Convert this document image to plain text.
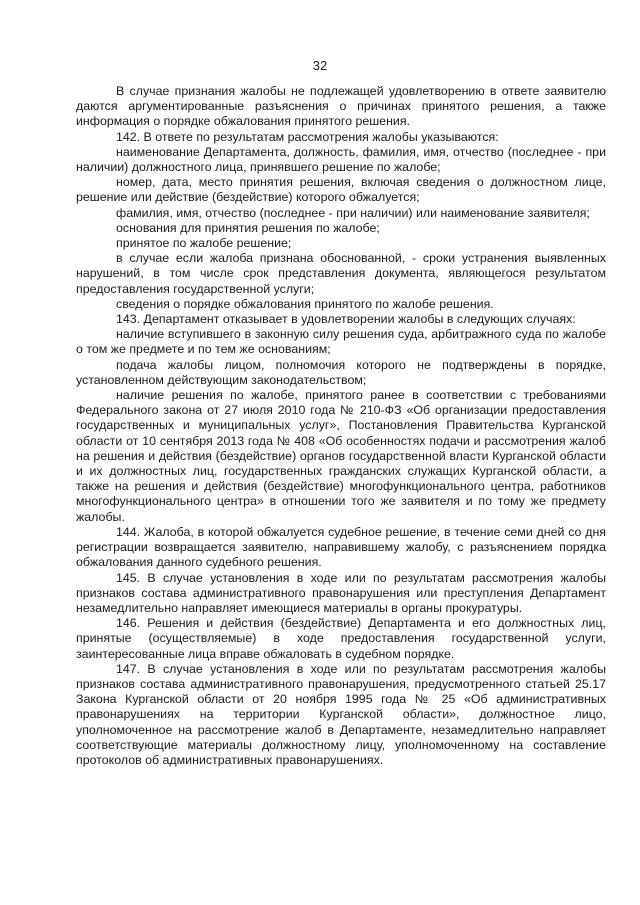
32

В случае признания жалобы не подлежащей удовлетворению в ответе заявителю даются аргументированные разъяснения о причинах принятого решения, а также информация о порядке обжалования принятого решения.

142. В ответе по результатам рассмотрения жалобы указываются:

наименование Департамента, должность, фамилия, имя, отчество (последнее - при наличии) должностного лица, принявшего решение по жалобе;

номер, дата, место принятия решения, включая сведения о должностном лице, решение или действие (бездействие) которого обжалуется;

фамилия, имя, отчество (последнее - при наличии) или наименование заявителя;

основания для принятия решения по жалобе;

принятое по жалобе решение;

в случае если жалоба признана обоснованной, - сроки устранения выявленных нарушений, в том числе срок представления документа, являющегося результатом предоставления государственной услуги;

сведения о порядке обжалования принятого по жалобе решения.

143. Департамент отказывает в удовлетворении жалобы в следующих случаях:

наличие вступившего в законную силу решения суда, арбитражного суда по жалобе о том же предмете и по тем же основаниям;

подача жалобы лицом, полномочия которого не подтверждены в порядке, установленном действующим законодательством;

наличие решения по жалобе, принятого ранее в соответствии с требованиями Федерального закона от 27 июля 2010 года № 210-ФЗ «Об организации предоставления государственных и муниципальных услуг», Постановления Правительства Курганской области от 10 сентября 2013 года № 408 «Об особенностях подачи и рассмотрения жалоб на решения и действия (бездействие) органов государственной власти Курганской области и их должностных лиц, государственных гражданских служащих Курганской области, а также на решения и действия (бездействие) многофункционального центра, работников многофункционального центра» в отношении того же заявителя и по тому же предмету жалобы.

144. Жалоба, в которой обжалуется судебное решение, в течение семи дней со дня регистрации возвращается заявителю, направившему жалобу, с разъяснением порядка обжалования данного судебного решения.

145. В случае установления в ходе или по результатам рассмотрения жалобы признаков состава административного правонарушения или преступления Департамент незамедлительно направляет имеющиеся материалы в органы прокуратуры.

146. Решения и действия (бездействие) Департамента и его должностных лиц, принятые (осуществляемые) в ходе предоставления государственной услуги, заинтересованные лица вправе обжаловать в судебном порядке.

147. В случае установления в ходе или по результатам рассмотрения жалобы признаков состава административного правонарушения, предусмотренного статьей 25.17 Закона Курганской области от 20 ноября 1995 года № 25 «Об административных правонарушениях на территории Курганской области», должностное лицо, уполномоченное на рассмотрение жалоб в Департаменте, незамедлительно направляет соответствующие материалы должностному лицу, уполномоченному на составление протоколов об административных правонарушениях.
